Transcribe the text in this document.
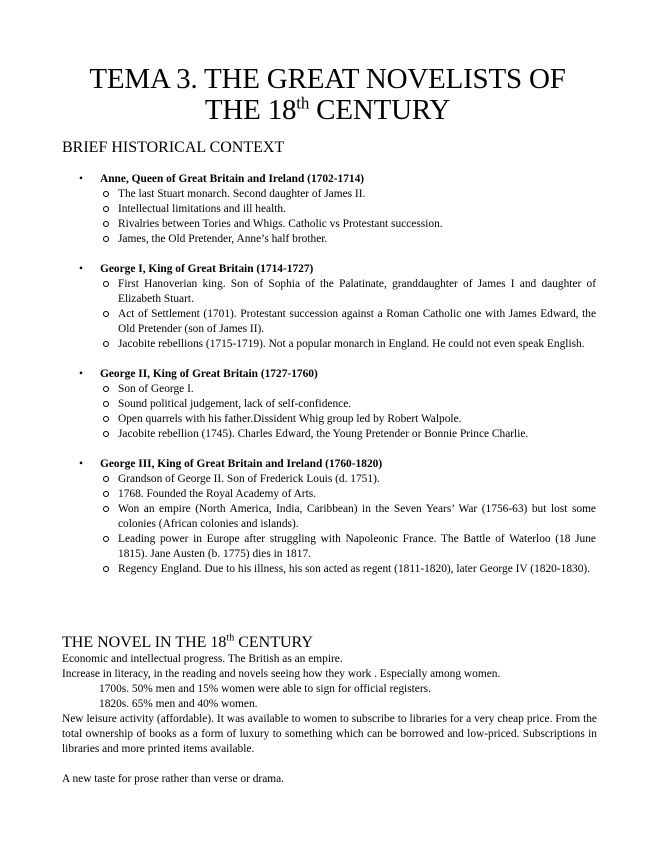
TEMA 3. THE GREAT NOVELISTS OF
THE 18th CENTURY
BRIEF HISTORICAL CONTEXT
• Anne, Queen of Great Britain and Ireland (1702-1714)
The last Stuart monarch. Second daughter of James II.
Intellectual limitations and ill health.
Rivalries between Tories and Whigs. Catholic vs Protestant succession.
James, the Old Pretender, Anne’s half brother.
• George I, King of Great Britain (1714-1727)
First Hanoverian king. Son of Sophia of the Palatinate, granddaughter of James I and daughter of Elizabeth Stuart.
Act of Settlement (1701). Protestant succession against a Roman Catholic one with James Edward, the Old Pretender (son of James II).
Jacobite rebellions (1715-1719). Not a popular monarch in England. He could not even speak English.
• George II, King of Great Britain (1727-1760)
Son of George I.
Sound political judgement, lack of self-confidence.
Open quarrels with his father.Dissident Whig group led by Robert Walpole.
Jacobite rebellion (1745). Charles Edward, the Young Pretender or Bonnie Prince Charlie.
• George III, King of Great Britain and Ireland (1760-1820)
Grandson of George II. Son of Frederick Louis (d. 1751).
1768. Founded the Royal Academy of Arts.
Won an empire (North America, India, Caribbean) in the Seven Years’ War (1756-63) but lost some colonies (African colonies and islands).
Leading power in Europe after struggling with Napoleonic France. The Battle of Waterloo (18 June 1815). Jane Austen (b. 1775) dies in 1817.
Regency England. Due to his illness, his son acted as regent (1811-1820), later George IV (1820-1830).
THE NOVEL IN THE 18th CENTURY

Economic and intellectual progress. The British as an empire.

Increase in literacy, in the reading and novels seeing how they work . Especially among women.

1700s. 50% men and 15% women were able to sign for official registers.

1820s. 65% men and 40% women.

New leisure activity (affordable). It was available to women to subscribe to libraries for a very cheap price. From the total ownership of books as a form of luxury to something which can be borrowed and low-priced. Subscriptions in libraries and more printed items available.

A new taste for prose rather than verse or drama.
